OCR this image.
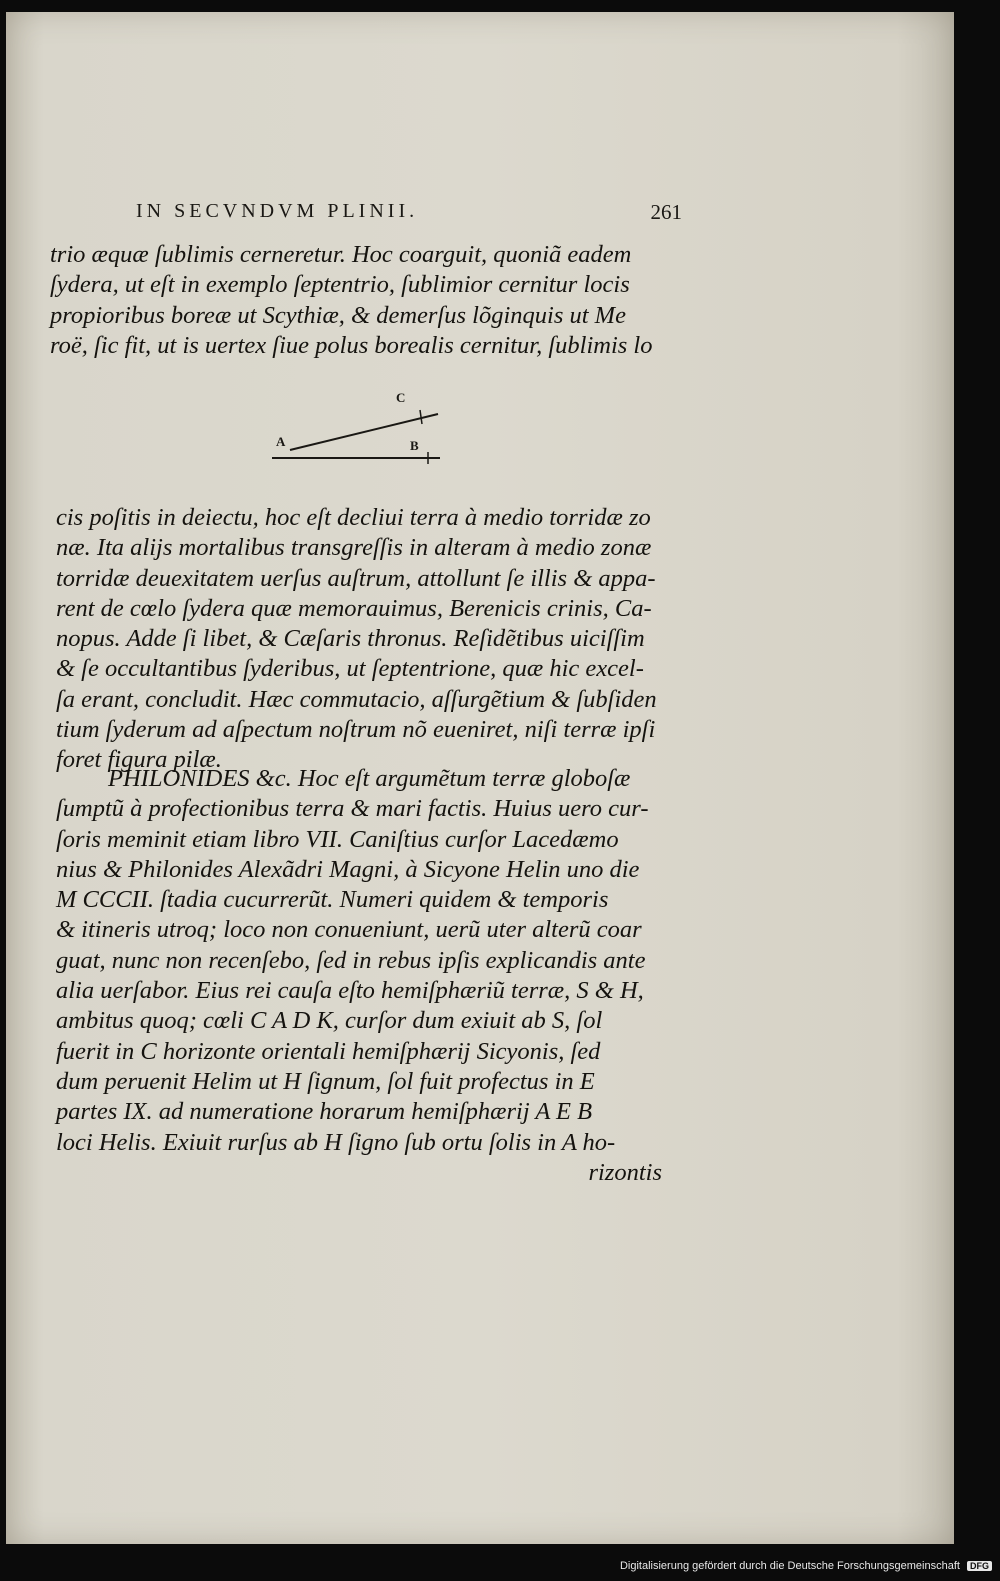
IN SECVNDVM PLINII.	261
trio æquæ ſublimis cerneretur. Hoc coarguit, quoniã eadem
ſydera, ut eſt in exemplo ſeptentrio, ſublimior cernitur locis
propioribus boreæ ut Scythiæ, & demerſus lõginquis ut Me
roë, ſic fit, ut is uertex ſiue polus borealis cernitur, ſublimis lo
C
A	B
cis poſitis in deiectu, hoc eſt decliui terra à medio torridæ zo
næ. Ita alijs mortalibus transgreſſis in alteram à medio zonæ
torridæ deuexitatem uerſus auſtrum, attollunt ſe illis & appa-
rent de cœlo ſydera quæ memorauimus, Berenicis crinis, Ca-
nopus. Adde ſi libet, & Cæſaris thronus. Reſidẽtibus uiciſſim
& ſe occultantibus ſyderibus, ut ſeptentrione, quæ hic excel-
ſa erant, concludit. Hæc commutacio, aſſurgẽtium & ſubſiden
tium ſyderum ad aſpectum noſtrum nõ eueniret, niſi terræ ipſi
foret figura pilæ.
PHILONIDES &c. Hoc eſt argumẽtum terræ globoſæ
ſumptũ à profectionibus terra & mari factis. Huius uero cur-
ſoris meminit etiam libro VII. Caniſtius curſor Lacedæmo
nius & Philonides Alexãdri Magni, à Sicyone Helin uno die
M CCCII. ſtadia cucurrerũt. Numeri quidem & temporis
& itineris utroq; loco non conueniunt, uerũ uter alterũ coar
guat, nunc non recenſebo, ſed in rebus ipſis explicandis ante
alia uerſabor. Eius rei cauſa eſto hemiſphæriũ terræ, S & H,
ambitus quoq; cœli C A D K, curſor dum exiuit ab S, ſol
fuerit in C horizonte orientali hemiſphærij Sicyonis, ſed
dum peruenit Helim ut H ſignum, ſol fuit profectus in E
partes IX. ad numeratione horarum hemiſphærij A E B
loci Helis. Exiuit rurſus ab H ſigno ſub ortu ſolis in A ho-
rizontis
Digitalisierung gefördert durch die Deutsche Forschungsgemeinschaft DFG
